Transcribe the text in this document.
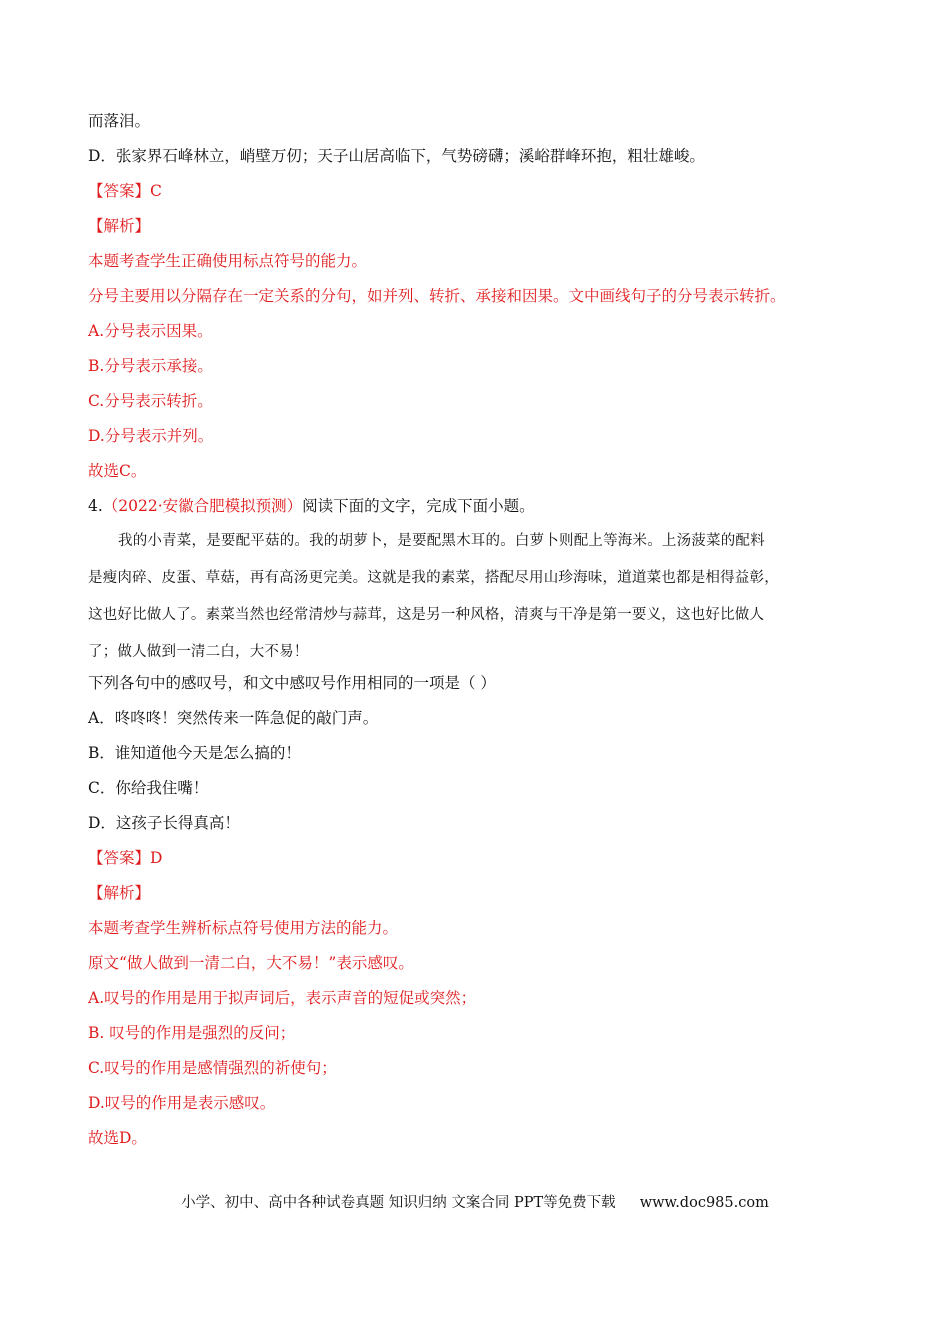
而落泪。
D．张家界石峰林立，峭壁万仞；天子山居高临下，气势磅礴；溪峪群峰环抱，粗壮雄峻。
【答案】C
【解析】
本题考查学生正确使用标点符号的能力。
分号主要用以分隔存在一定关系的分句，如并列、转折、承接和因果。文中画线句子的分号表示转折。
A.分号表示因果。
B.分号表示承接。
C.分号表示转折。
D.分号表示并列。
故选C。
4.（2022·安徽合肥模拟预测）阅读下面的文字，完成下面小题。
我的小青菜，是要配平菇的。我的胡萝卜，是要配黑木耳的。白萝卜则配上等海米。上汤菠菜的配料
是瘦肉碎、皮蛋、草菇，再有高汤更完美。这就是我的素菜，搭配尽用山珍海味，道道菜也都是相得益彰，
这也好比做人了。素菜当然也经常清炒与蒜茸，这是另一种风格，清爽与干净是第一要义，这也好比做人
了；做人做到一清二白，大不易！
下列各句中的感叹号，和文中感叹号作用相同的一项是（ ）
A．咚咚咚！突然传来一阵急促的敲门声。
B．谁知道他今天是怎么搞的！
C．你给我住嘴！
D．这孩子长得真高！
【答案】D
【解析】
本题考查学生辨析标点符号使用方法的能力。
原文“做人做到一清二白，大不易！”表示感叹。
A.叹号的作用是用于拟声词后，表示声音的短促或突然；
B. 叹号的作用是强烈的反问；
C.叹号的作用是感情强烈的祈使句；
D.叹号的作用是表示感叹。
故选D。
小学、初中、高中各种试卷真题 知识归纳 文案合同 PPT等免费下载 www.doc985.com
